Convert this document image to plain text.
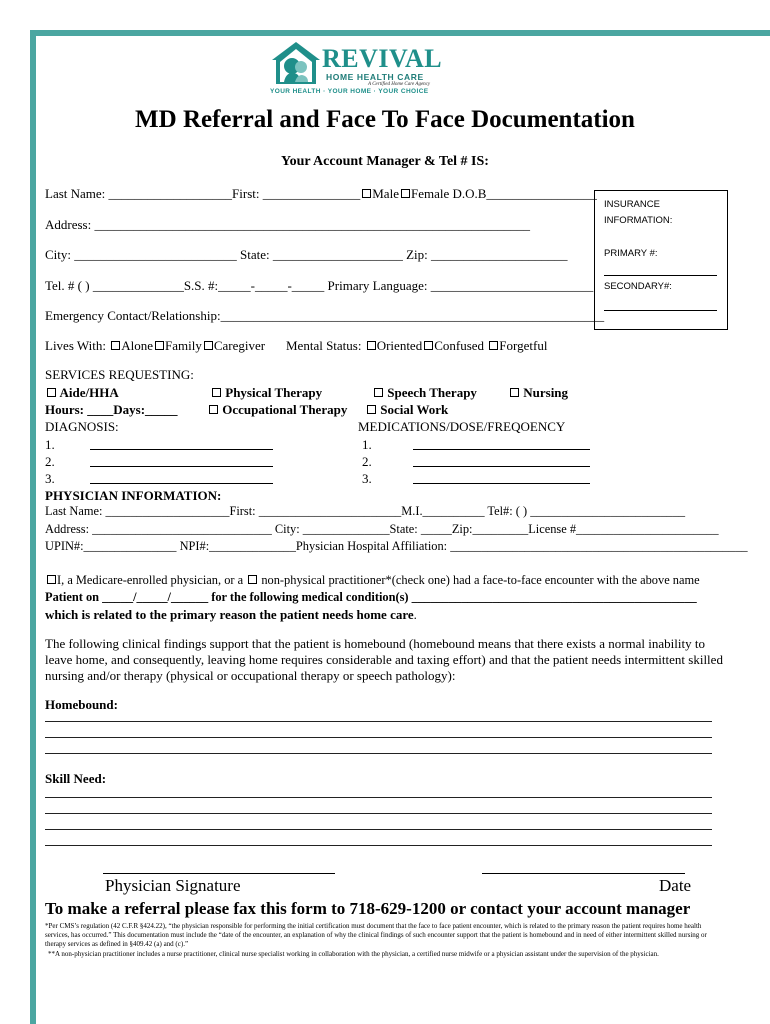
REVIVAL
HOME HEALTH CARE
A Certified Home Care Agency
YOUR HEALTH · YOUR HOME · YOUR CHOICE
MD Referral and Face To Face Documentation
Your Account Manager & Tel # IS:
Last Name: ___________________First: _______________ Male Female D.O.B_________________
Address: ___________________________________________________________________
City: _________________________ State: ____________________ Zip: _____________________
Tel. # ( ) ______________S.S. #:_____-_____-_____ Primary Language: _________________________
Emergency Contact/Relationship:___________________________________________________________
Lives With: Alone Family Caregiver Mental Status: Oriented Confused Forgetful
INSURANCE
INFORMATION:
PRIMARY #:
SECONDARY#:
SERVICES REQUESTING:
Aide/HHA	Physical Therapy	Speech Therapy	Nursing
Hours: ____Days:_____	Occupational Therapy	Social Work
DIAGNOSIS:	MEDICATIONS/DOSE/FREQOENCY
1.
2.
3.
1.
2.
3.
PHYSICIAN INFORMATION:
Last Name: ____________________First: _______________________M.I.__________ Tel#: ( ) _________________________
Address: _____________________________ City: ______________State: _____Zip:_________License #_______________________
UPIN#:_______________ NPI#:______________Physician Hospital Affiliation: ________________________________________________
I, a Medicare-enrolled physician, or a non-physical practitioner*(check one) had a face-to-face encounter with the above name
Patient on _____/_____/______ for the following medical condition(s) ______________________________________________
which is related to the primary reason the patient needs home care.
The following clinical findings support that the patient is homebound (homebound means that there exists a normal inability to leave home, and consequently, leaving home requires considerable and taxing effort) and that the patient needs intermittent skilled nursing and/or therapy (physical or occupational therapy or speech pathology):
Homebound:
Skill Need:
Physician Signature	Date
To make a referral please fax this form to 718-629-1200 or contact your account manager
*Per CMS’s regulation (42 C.F.R §424.22), “the physician responsible for performing the initial certification must document that the face to face patient encounter, which is related to the primary reason the patient requires home health services, has occurred.” This documentation must include the “date of the encounter, an explanation of why the clinical findings of such encounter support that the patient is homebound and in need of either intermittent skilled nursing or therapy services as defined in §409.42 (a) and (c).”
**A non-physician practitioner includes a nurse practitioner, clinical nurse specialist working in collaboration with the physician, a certified nurse midwife or a physician assistant under the supervision of the physician.
